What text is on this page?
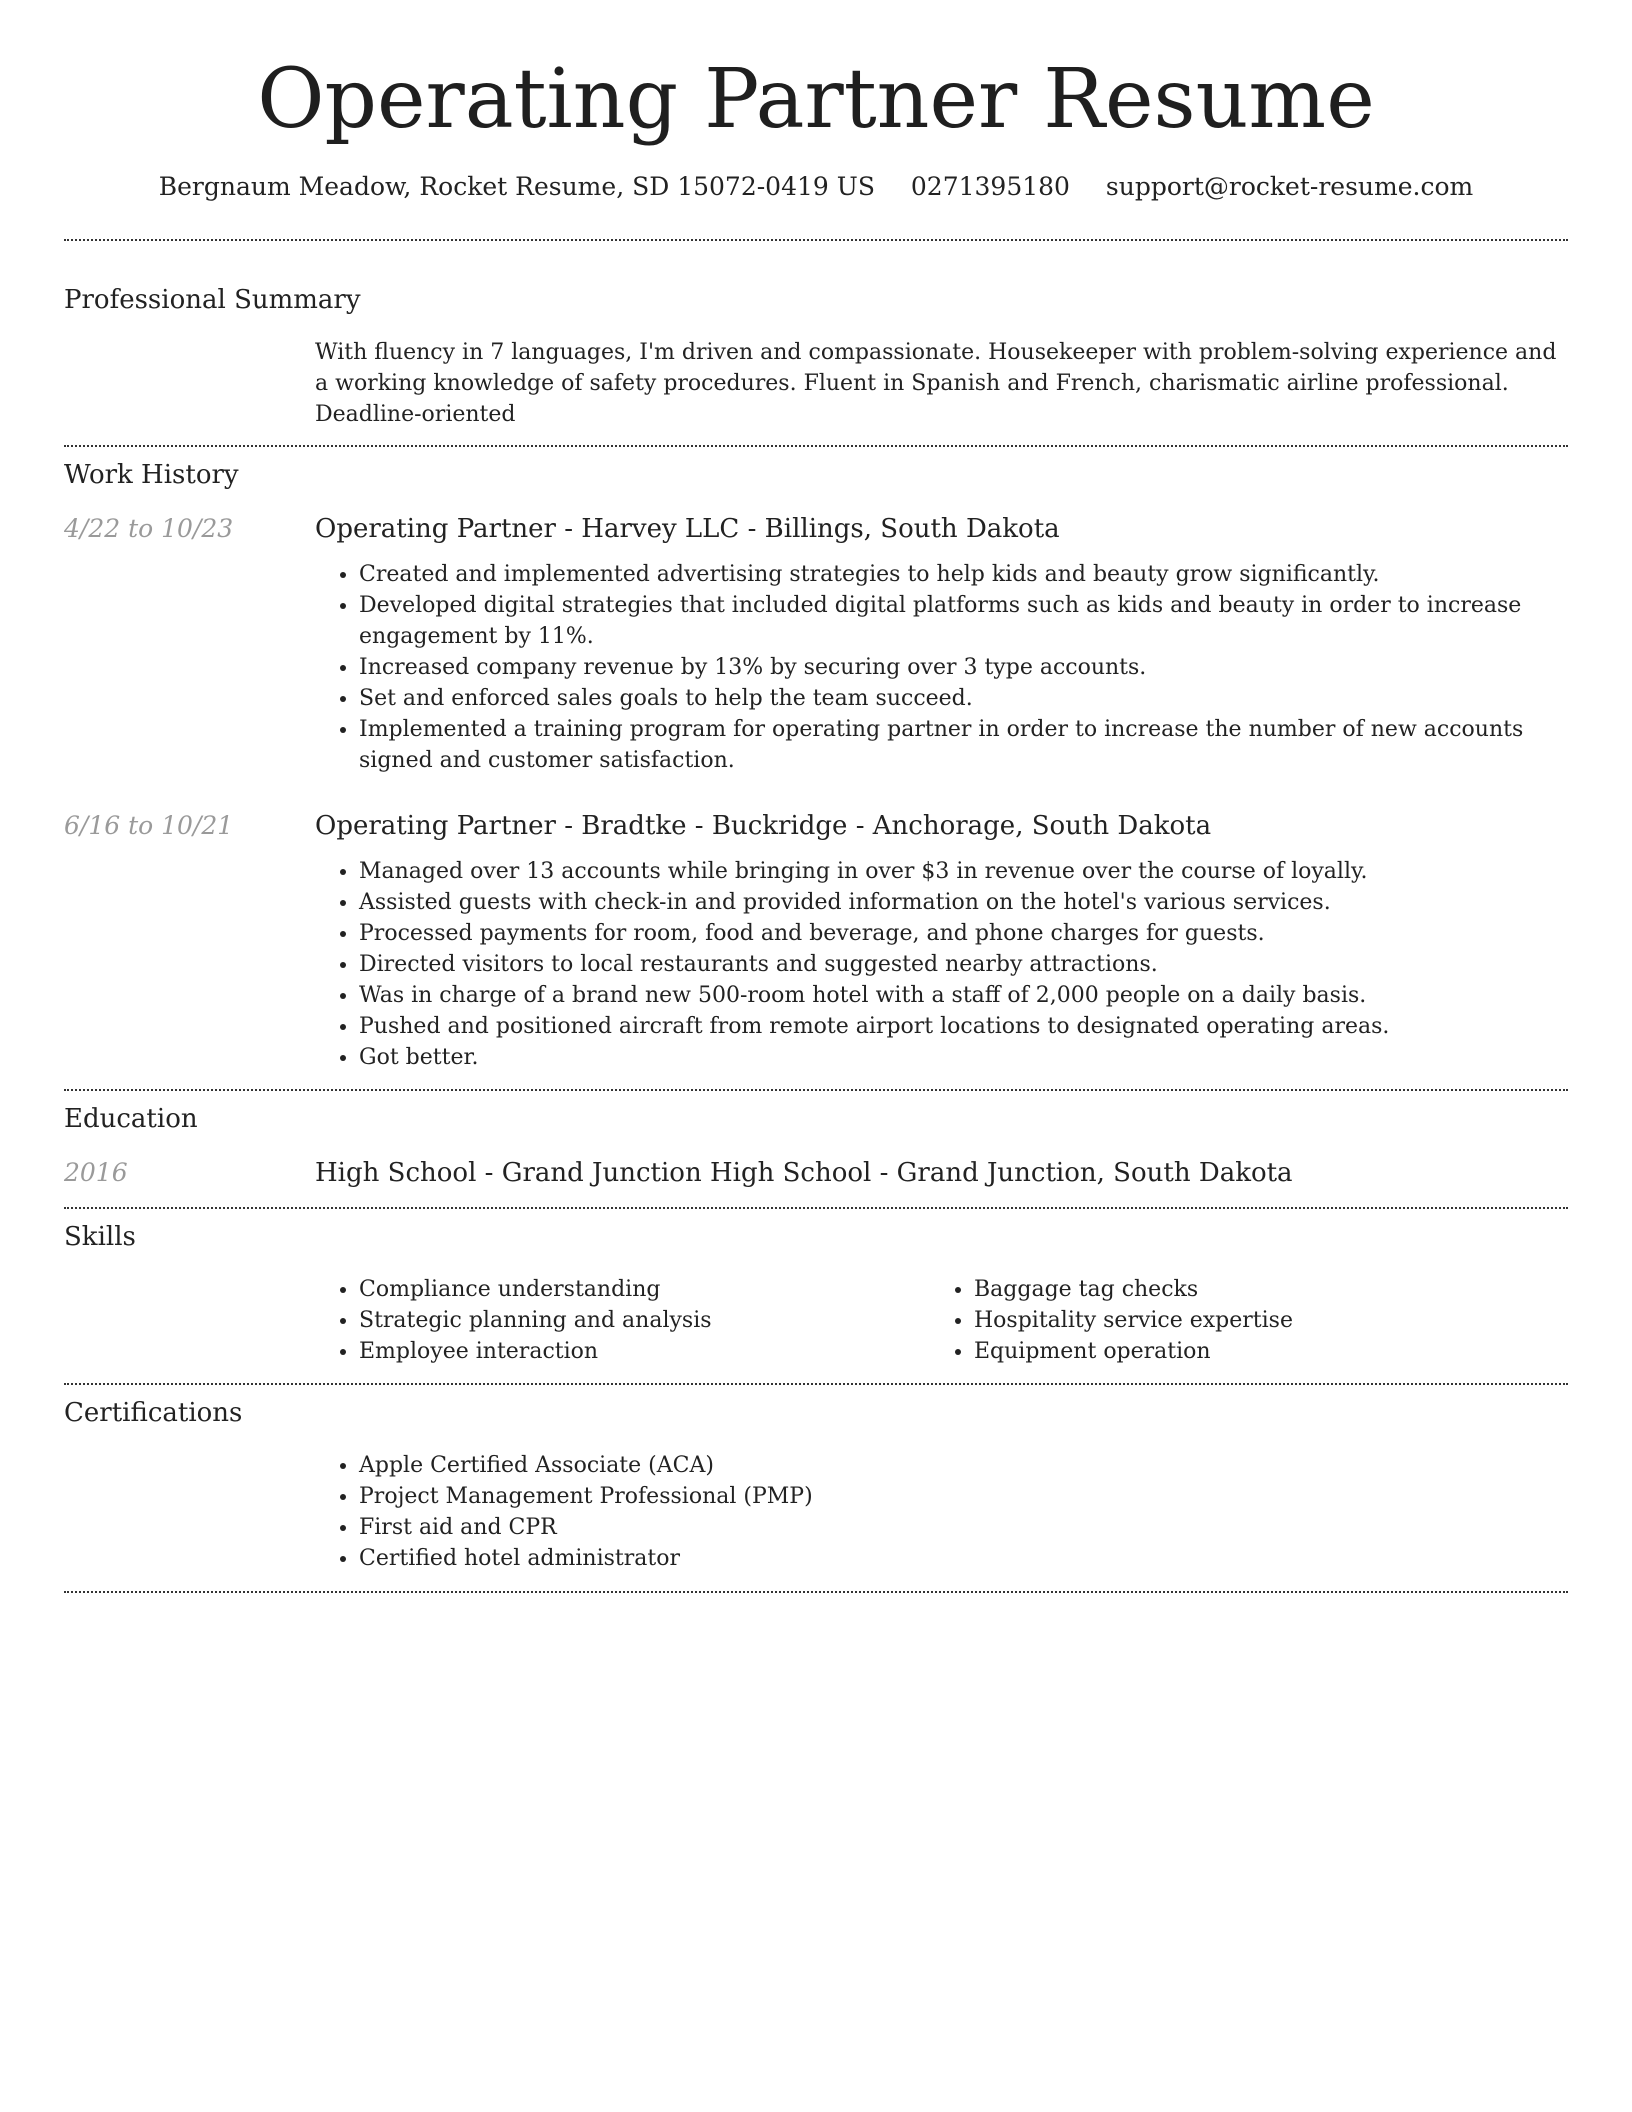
Operating Partner Resume
Bergnaum Meadow, Rocket Resume, SD 15072-0419 US 0271395180 support@rocket-resume.com
Professional Summary
With fluency in 7 languages, I'm driven and compassionate. Housekeeper with problem-solving experience and a working knowledge of safety procedures. Fluent in Spanish and French, charismatic airline professional. Deadline-oriented
Work History
4/22 to 10/23	Operating Partner - Harvey LLC - Billings, South Dakota
• Created and implemented advertising strategies to help kids and beauty grow significantly.
• Developed digital strategies that included digital platforms such as kids and beauty in order to increase engagement by 11%.
• Increased company revenue by 13% by securing over 3 type accounts.
• Set and enforced sales goals to help the team succeed.
• Implemented a training program for operating partner in order to increase the number of new accounts signed and customer satisfaction.
6/16 to 10/21	Operating Partner - Bradtke - Buckridge - Anchorage, South Dakota
• Managed over 13 accounts while bringing in over $3 in revenue over the course of loyally.
• Assisted guests with check-in and provided information on the hotel's various services.
• Processed payments for room, food and beverage, and phone charges for guests.
• Directed visitors to local restaurants and suggested nearby attractions.
• Was in charge of a brand new 500-room hotel with a staff of 2,000 people on a daily basis.
• Pushed and positioned aircraft from remote airport locations to designated operating areas.
• Got better.
Education
2016	High School - Grand Junction High School - Grand Junction, South Dakota
Skills
• Compliance understanding
• Strategic planning and analysis
• Employee interaction
• Baggage tag checks
• Hospitality service expertise
• Equipment operation
Certifications
• Apple Certified Associate (ACA)
• Project Management Professional (PMP)
• First aid and CPR
• Certified hotel administrator
